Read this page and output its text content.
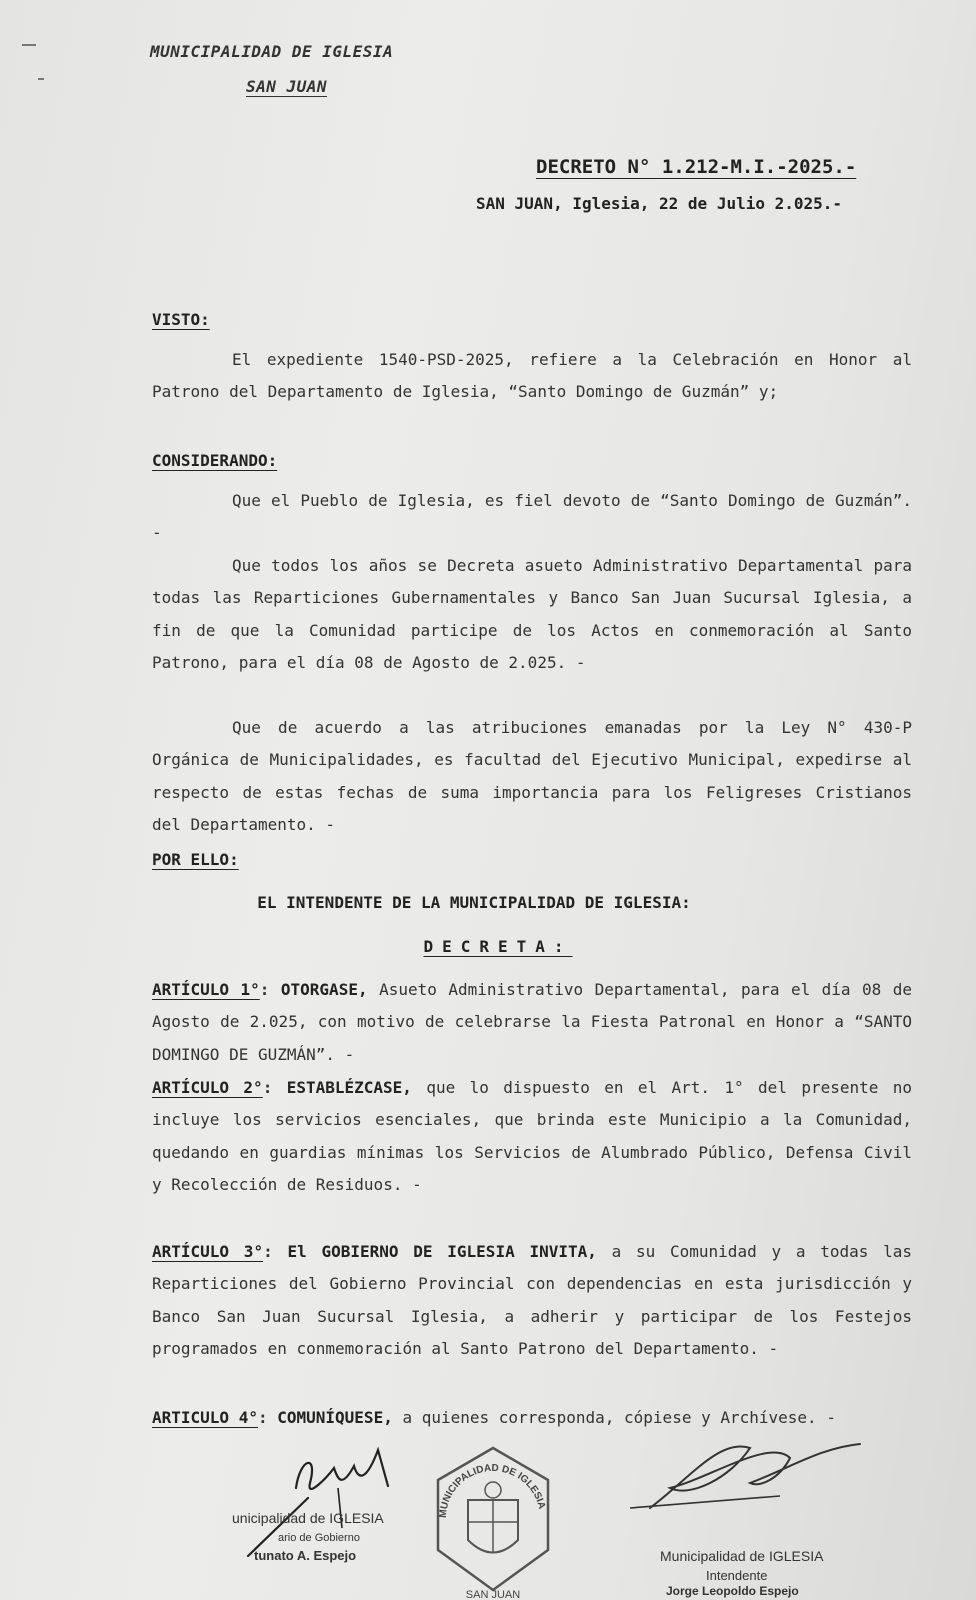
MUNICIPALIDAD DE IGLESIA
SAN JUAN
DECRETO N° 1.212-M.I.-2025.-
SAN JUAN, Iglesia, 22 de Julio 2.025.-
VISTO:
El expediente 1540-PSD-2025, refiere a la Celebración en Honor al Patrono del Departamento de Iglesia, “Santo Domingo de Guzmán” y;
CONSIDERANDO:
Que el Pueblo de Iglesia, es fiel devoto de “Santo Domingo de Guzmán”. -
Que todos los años se Decreta asueto Administrativo Departamental para todas las Reparticiones Gubernamentales y Banco San Juan Sucursal Iglesia, a fin de que la Comunidad participe de los Actos en conmemoración al Santo Patrono, para el día 08 de Agosto de 2.025. -
Que de acuerdo a las atribuciones emanadas por la Ley N° 430-P Orgánica de Municipalidades, es facultad del Ejecutivo Municipal, expedirse al respecto de estas fechas de suma importancia para los Feligreses Cristianos del Departamento. -
POR ELLO:
EL INTENDENTE DE LA MUNICIPALIDAD DE IGLESIA:
DECRETA:
ARTÍCULO 1°: OTORGASE, Asueto Administrativo Departamental, para el día 08 de Agosto de 2.025, con motivo de celebrarse la Fiesta Patronal en Honor a “SANTO DOMINGO DE GUZMÁN”. -
ARTÍCULO 2°: ESTABLÉZCASE, que lo dispuesto en el Art. 1° del presente no incluye los servicios esenciales, que brinda este Municipio a la Comunidad, quedando en guardias mínimas los Servicios de Alumbrado Público, Defensa Civil y Recolección de Residuos. -
ARTÍCULO 3°: El GOBIERNO DE IGLESIA INVITA, a su Comunidad y a todas las Reparticiones del Gobierno Provincial con dependencias en esta jurisdicción y Banco San Juan Sucursal Iglesia, a adherir y participar de los Festejos programados en conmemoración al Santo Patrono del Departamento. -
ARTICULO 4°: COMUNÍQUESE, a quienes corresponda, cópiese y Archívese. -
unicipalidad de IGLESIA
ario de Gobierno
tunato A. Espejo
MUNICIPALIDAD DE IGLESIA
SAN JUAN
Municipalidad de IGLESIA
Intendente
Jorge Leopoldo Espejo
